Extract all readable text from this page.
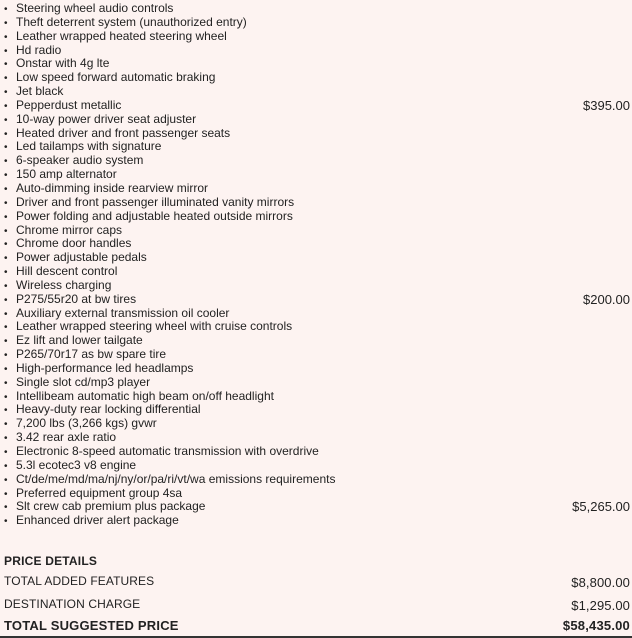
• Steering wheel audio controls
• Theft deterrent system (unauthorized entry)
• Leather wrapped heated steering wheel
• Hd radio
• Onstar with 4g lte
• Low speed forward automatic braking
• Jet black
• Pepperdust metallic	$395.00
• 10-way power driver seat adjuster
• Heated driver and front passenger seats
• Led tailamps with signature
• 6-speaker audio system
• 150 amp alternator
• Auto-dimming inside rearview mirror
• Driver and front passenger illuminated vanity mirrors
• Power folding and adjustable heated outside mirrors
• Chrome mirror caps
• Chrome door handles
• Power adjustable pedals
• Hill descent control
• Wireless charging
• P275/55r20 at bw tires	$200.00
• Auxiliary external transmission oil cooler
• Leather wrapped steering wheel with cruise controls
• Ez lift and lower tailgate
• P265/70r17 as bw spare tire
• High-performance led headlamps
• Single slot cd/mp3 player
• Intellibeam automatic high beam on/off headlight
• Heavy-duty rear locking differential
• 7,200 lbs (3,266 kgs) gvwr
• 3.42 rear axle ratio
• Electronic 8-speed automatic transmission with overdrive
• 5.3l ecotec3 v8 engine
• Ct/de/me/md/ma/nj/ny/or/pa/ri/vt/wa emissions requirements
• Preferred equipment group 4sa
• Slt crew cab premium plus package	$5,265.00
• Enhanced driver alert package
PRICE DETAILS
TOTAL ADDED FEATURES	$8,800.00
DESTINATION CHARGE	$1,295.00
TOTAL SUGGESTED PRICE	$58,435.00
